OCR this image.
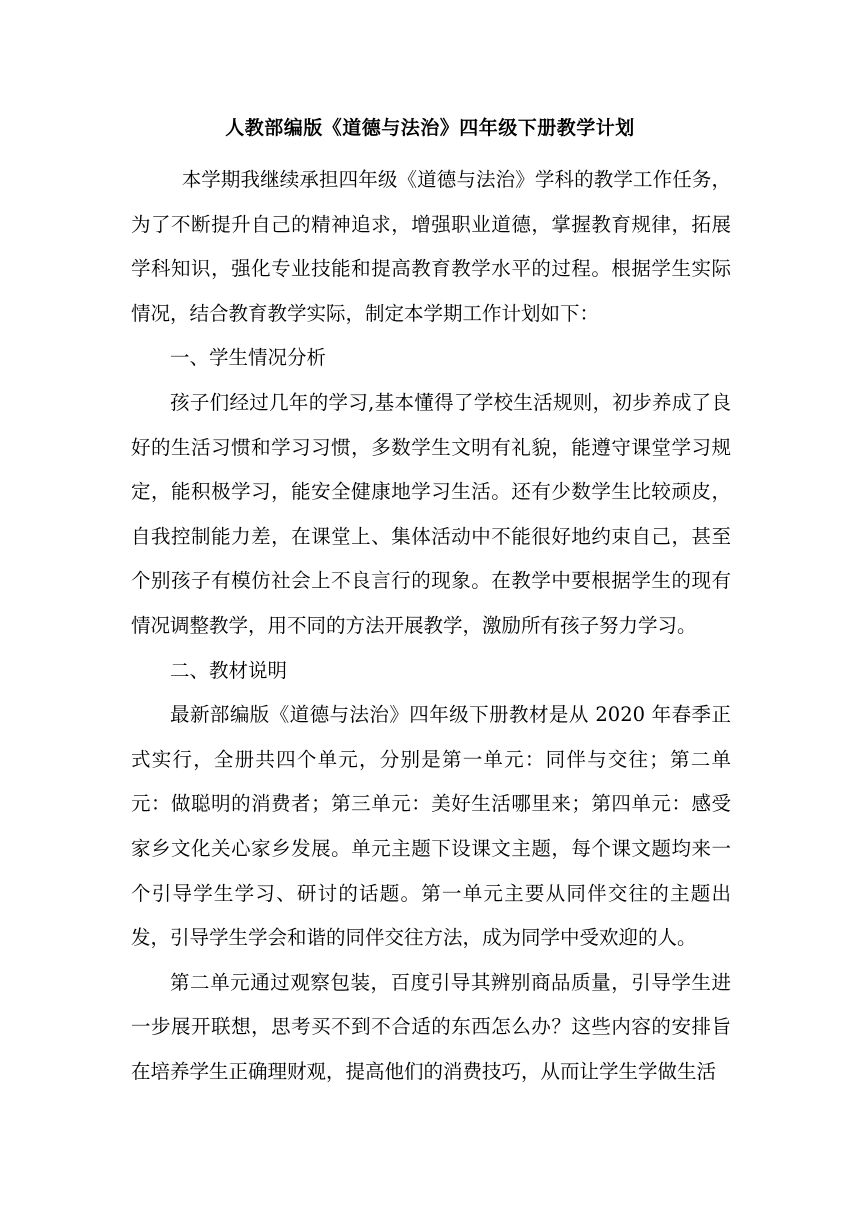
人教部编版《道德与法治》四年级下册教学计划

本学期我继续承担四年级《道德与法治》学科的教学工作任务，为了不断提升自己的精神追求，增强职业道德，掌握教育规律，拓展学科知识，强化专业技能和提高教育教学水平的过程。根据学生实际情况，结合教育教学实际，制定本学期工作计划如下：

一、学生情况分析

孩子们经过几年的学习,基本懂得了学校生活规则，初步养成了良好的生活习惯和学习习惯，多数学生文明有礼貌，能遵守课堂学习规定，能积极学习，能安全健康地学习生活。还有少数学生比较顽皮，自我控制能力差，在课堂上、集体活动中不能很好地约束自己，甚至个别孩子有模仿社会上不良言行的现象。在教学中要根据学生的现有情况调整教学，用不同的方法开展教学，激励所有孩子努力学习。

二、教材说明

最新部编版《道德与法治》四年级下册教材是从 2020 年春季正式实行，全册共四个单元，分别是第一单元：同伴与交往；第二单元：做聪明的消费者；第三单元：美好生活哪里来；第四单元：感受家乡文化关心家乡发展。单元主题下设课文主题，每个课文题均来一个引导学生学习、研讨的话题。第一单元主要从同伴交往的主题出发，引导学生学会和谐的同伴交往方法，成为同学中受欢迎的人。

第二单元通过观察包装，百度引导其辨别商品质量，引导学生进一步展开联想，思考买不到不合适的东西怎么办？这些内容的安排旨在培养学生正确理财观，提高他们的消费技巧，从而让学生学做生活
